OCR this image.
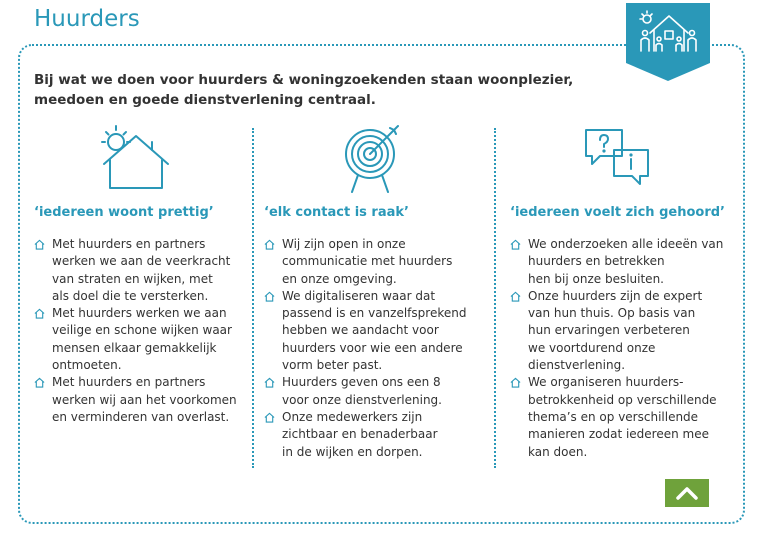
Huurders

Bij wat we doen voor huurders & woningzoekenden staan woonplezier, meedoen en goede dienstverlening centraal.

‘iedereen woont prettig’
Met huurders en partners
werken we aan de veerkracht
van straten en wijken, met
als doel die te versterken.
Met huurders werken we aan
veilige en schone wijken waar
mensen elkaar gemakkelijk
ontmoeten.
Met huurders en partners
werken wij aan het voorkomen
en verminderen van overlast.
‘elk contact is raak’
Wij zijn open in onze
communicatie met huurders
en onze omgeving.
We digitaliseren waar dat
passend is en vanzelfsprekend
hebben we aandacht voor
huurders voor wie een andere
vorm beter past.
Huurders geven ons een 8
voor onze dienstverlening.
Onze medewerkers zijn
zichtbaar en benaderbaar
in de wijken en dorpen.
‘iedereen voelt zich gehoord’
We onderzoeken alle ideeën van
huurders en betrekken
hen bij onze besluiten.
Onze huurders zijn de expert
van hun thuis. Op basis van
hun ervaringen verbeteren
we voortdurend onze
dienstverlening.
We organiseren huurders-
betrokkenheid op verschillende
thema’s en op verschillende
manieren zodat iedereen mee
kan doen.
